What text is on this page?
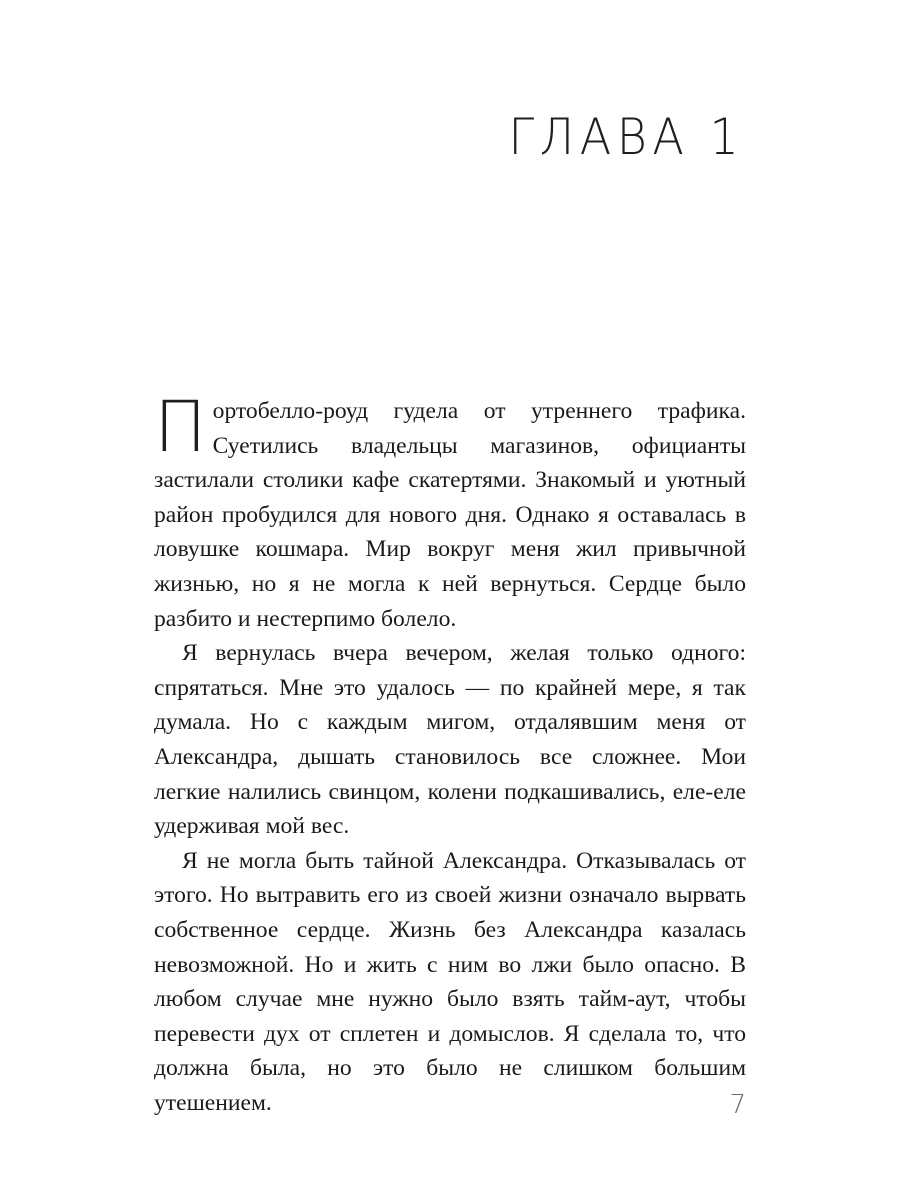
ГЛАВА 1

Портобелло-роуд гудела от утреннего трафика. Суетились владельцы магазинов, официанты застилали столики кафе скатертями. Знакомый и уютный район пробудился для нового дня. Однако я оставалась в ловушке кошмара. Мир вокруг меня жил привычной жизнью, но я не могла к ней вернуться. Сердце было разбито и нестерпимо болело.

Я вернулась вчера вечером, желая только одного: спрятаться. Мне это удалось — по крайней мере, я так думала. Но с каждым мигом, отдалявшим меня от Александра, дышать становилось все сложнее. Мои легкие налились свинцом, колени подкашивались, еле-еле удерживая мой вес.

Я не могла быть тайной Александра. Отказывалась от этого. Но вытравить его из своей жизни означало вырвать собственное сердце. Жизнь без Александра казалась невозможной. Но и жить с ним во лжи было опасно. В любом случае мне нужно было взять тайм-аут, чтобы перевести дух от сплетен и домыслов. Я сделала то, что должна была, но это было не слишком большим утешением.	7
